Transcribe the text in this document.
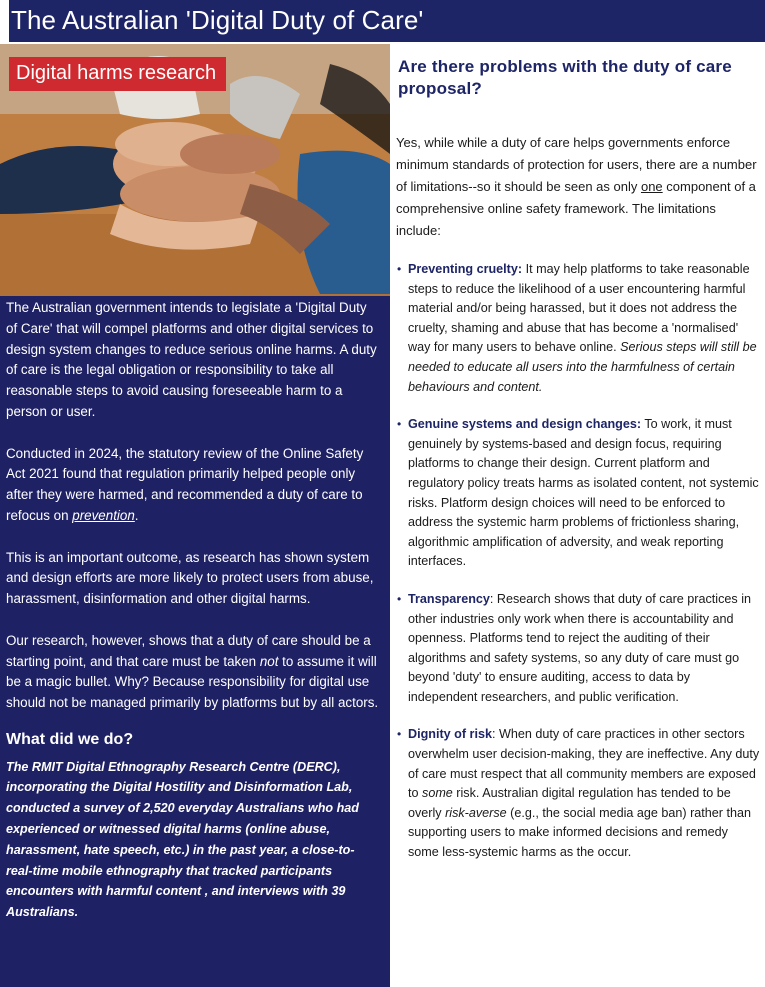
The Australian 'Digital Duty of Care'
Digital harms research

The Australian government intends to legislate a 'Digital Duty of Care' that will compel platforms and other digital services to design system changes to reduce serious online harms. A duty of care is the legal obligation or responsibility to take all reasonable steps to avoid causing foreseeable harm to a person or user.

Conducted in 2024, the statutory review of the Online Safety Act 2021 found that regulation primarily helped people only after they were harmed, and recommended a duty of care to refocus on prevention.

This is an important outcome, as research has shown system and design efforts are more likely to protect users from abuse, harassment, disinformation and other digital harms.

Our research, however, shows that a duty of care should be a starting point, and that care must be taken not to assume it will be a magic bullet. Why? Because responsibility for digital use should not be managed primarily by platforms but by all actors.

What did we do?
The RMIT Digital Ethnography Research Centre (DERC), incorporating the Digital Hostility and Disinformation Lab, conducted a survey of 2,520 everyday Australians who had experienced or witnessed digital harms (online abuse, harassment, hate speech, etc.) in the past year, a close-to-real-time mobile ethnography that tracked participants encounters with harmful content , and interviews with 39 Australians.
Are there problems with the duty of care proposal?
Yes, while while a duty of care helps governments enforce minimum standards of protection for users, there are a number of limitations--so it should be seen as only one component of a comprehensive online safety framework. The limitations include:
• Preventing cruelty: It may help platforms to take reasonable steps to reduce the likelihood of a user encountering harmful material and/or being harassed, but it does not address the cruelty, shaming and abuse that has become a 'normalised' way for many users to behave online. Serious steps will still be needed to educate all users into the harmfulness of certain behaviours and content.
• Genuine systems and design changes: To work, it must genuinely by systems-based and design focus, requiring platforms to change their design. Current platform and regulatory policy treats harms as isolated content, not systemic risks. Platform design choices will need to be enforced to address the systemic harm problems of frictionless sharing, algorithmic amplification of adversity, and weak reporting interfaces.
• Transparency: Research shows that duty of care practices in other industries only work when there is accountability and openness. Platforms tend to reject the auditing of their algorithms and safety systems, so any duty of care must go beyond 'duty' to ensure auditing, access to data by independent researchers, and public verification.
• Dignity of risk: When duty of care practices in other sectors overwhelm user decision-making, they are ineffective. Any duty of care must respect that all community members are exposed to some risk. Australian digital regulation has tended to be overly risk-averse (e.g., the social media age ban) rather than supporting users to make informed decisions and remedy some less-systemic harms as the occur.
